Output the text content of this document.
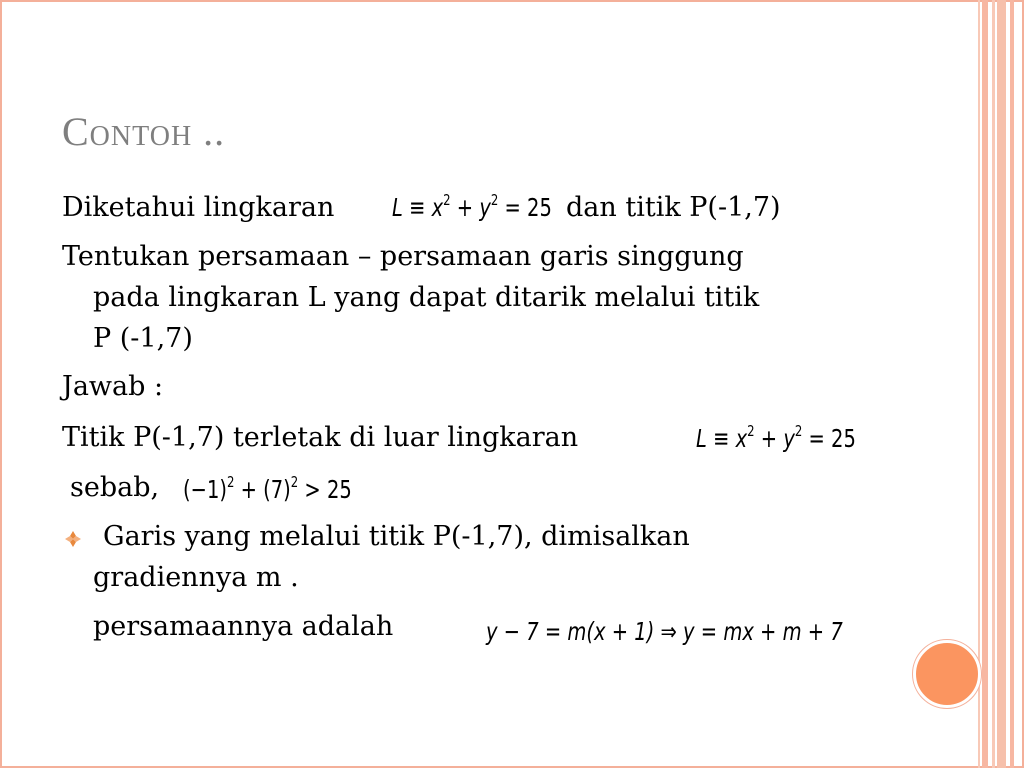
Contoh ..
Diketahui lingkaran $L \equiv x^2 + y^2 = 25$ dan titik P(-1,7)
Tentukan persamaan – persamaan garis singgung
pada lingkaran L yang dapat ditarik melalui titik
P (-1,7)
Jawab :
Titik P(-1,7) terletak di luar lingkaran	$L \equiv x^2 + y^2 = 25$
sebab, $(-1)^2 + (7)^2 > 25$
Garis yang melalui titik P(-1,7), dimisalkan
gradiennya m .
persamaannya adalah	y − 7 = m(x + 1) ⇒ y = mx + m + 7
